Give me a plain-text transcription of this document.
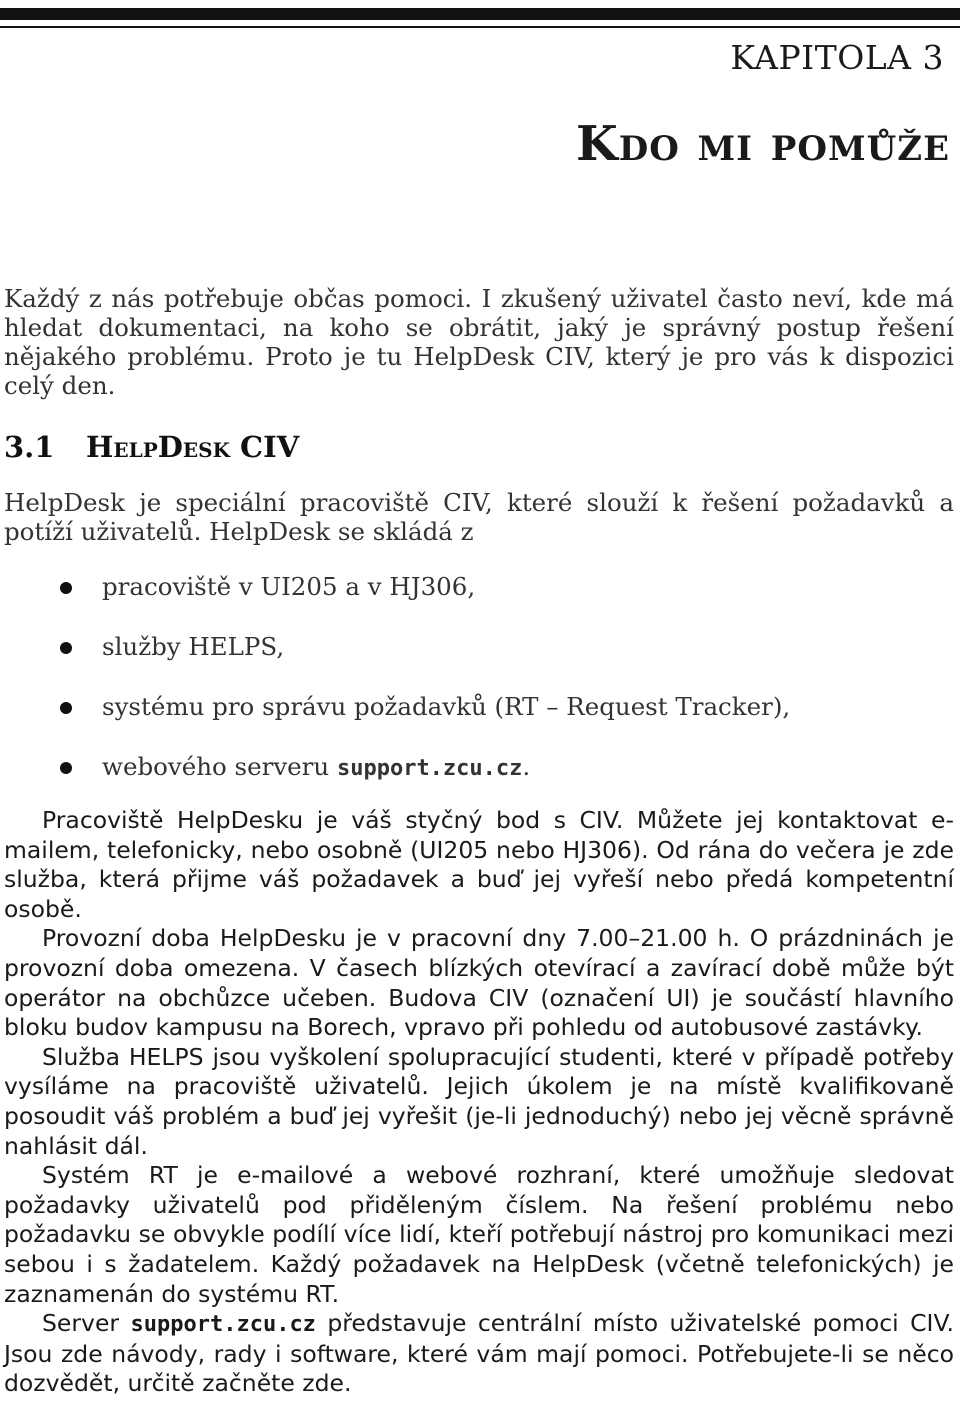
KAPITOLA 3
Kdo mi pomůže
Každý z nás potřebuje občas pomoci. I zkušený uživatel často neví, kde má hledat dokumentaci, na koho se obrátit, jaký je správný postup řešení nějakého problému. Proto je tu HelpDesk CIV, který je pro vás k dispozici celý den.
3.1 HelpDesk CIV
HelpDesk je speciální pracoviště CIV, které slouží k řešení požadavků a potíží uživatelů. HelpDesk se skládá z
pracoviště v UI205 a v HJ306,
služby HELPS,
systému pro správu požadavků (RT – Request Tracker),
webového serveru support.zcu.cz.

Pracoviště HelpDesku je váš styčný bod s CIV. Můžete jej kontaktovat e-mailem, telefonicky, nebo osobně (UI205 nebo HJ306). Od rána do večera je zde služba, která přijme váš požadavek a buď jej vyřeší nebo předá kompetentní osobě.

Provozní doba HelpDesku je v pracovní dny 7.00–21.00 h. O prázdninách je provozní doba omezena. V časech blízkých otevírací a zavírací době může být operátor na obchůzce učeben. Budova CIV (označení UI) je součástí hlavního bloku budov kampusu na Borech, vpravo při pohledu od autobusové zastávky.

Služba HELPS jsou vyškolení spolupracující studenti, které v případě potřeby vysíláme na pracoviště uživatelů. Jejich úkolem je na místě kvalifikovaně posoudit váš problém a buď jej vyřešit (je-li jednoduchý) nebo jej věcně správně nahlásit dál.

Systém RT je e-mailové a webové rozhraní, které umožňuje sledovat požadavky uživatelů pod přiděleným číslem. Na řešení problému nebo požadavku se obvykle podílí více lidí, kteří potřebují nástroj pro komunikaci mezi sebou i s žadatelem. Každý požadavek na HelpDesk (včetně telefonických) je zaznamenán do systému RT.

Server support.zcu.cz představuje centrální místo uživatelské pomoci CIV. Jsou zde návody, rady i software, které vám mají pomoci. Potřebujete-li se něco dozvědět, určitě začněte zde.
